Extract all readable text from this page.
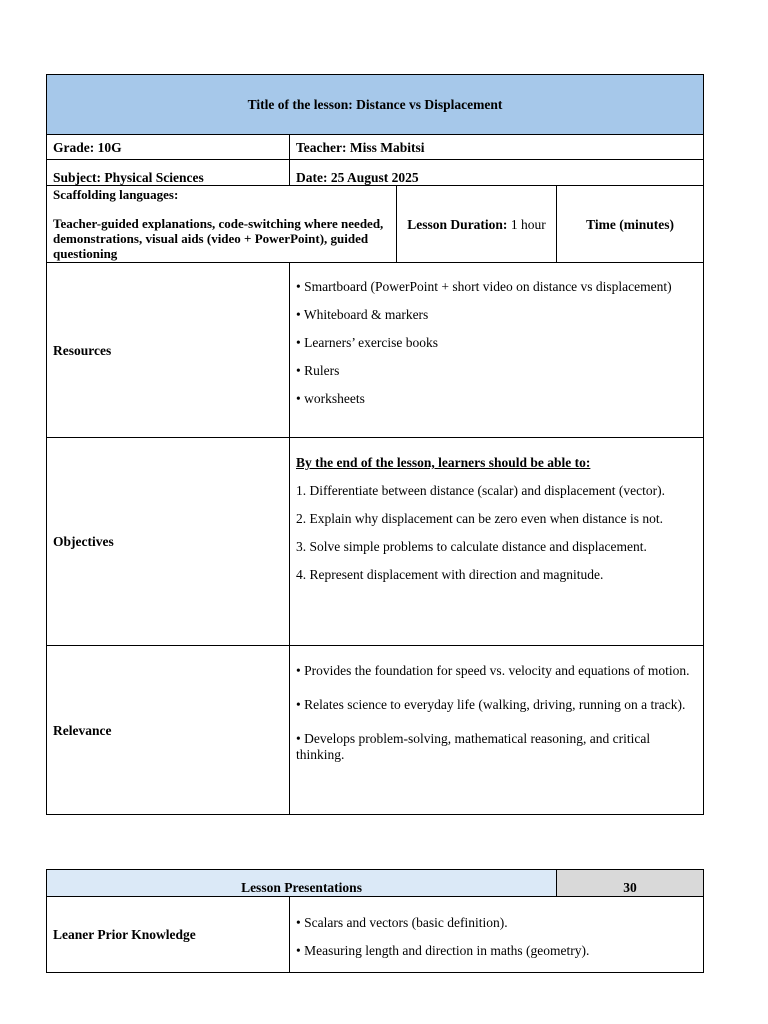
Title of the lesson: Distance vs Displacement			
Grade: 10G	Teacher: Miss Mabitsi		
Subject: Physical Sciences	Date: 25 August 2025		

Scaffolding languages:
Teacher-guided explanations, code-switching where needed, demonstrations, visual aids (video + PowerPoint), guided questioning		Lesson Duration: 1 hour	Time (minutes)
Resources	• Smartboard (PowerPoint + short video on distance vs displacement)

• Whiteboard & markers

• Learners’ exercise books

• Rulers

• worksheets		

Objectives	By the end of the lesson, learners should be able to:

1. Differentiate between distance (scalar) and displacement (vector).

2. Explain why displacement can be zero even when distance is not.

3. Solve simple problems to calculate distance and displacement.

4. Represent displacement with direction and magnitude.		

Relevance	• Provides the foundation for speed vs. velocity and equations of motion.

• Relates science to everyday life (walking, driving, running on a track).

• Develops problem-solving, mathematical reasoning, and critical thinking.		

Lesson Presentations		30
Leaner Prior Knowledge	• Scalars and vectors (basic definition).

• Measuring length and direction in maths (geometry).	
